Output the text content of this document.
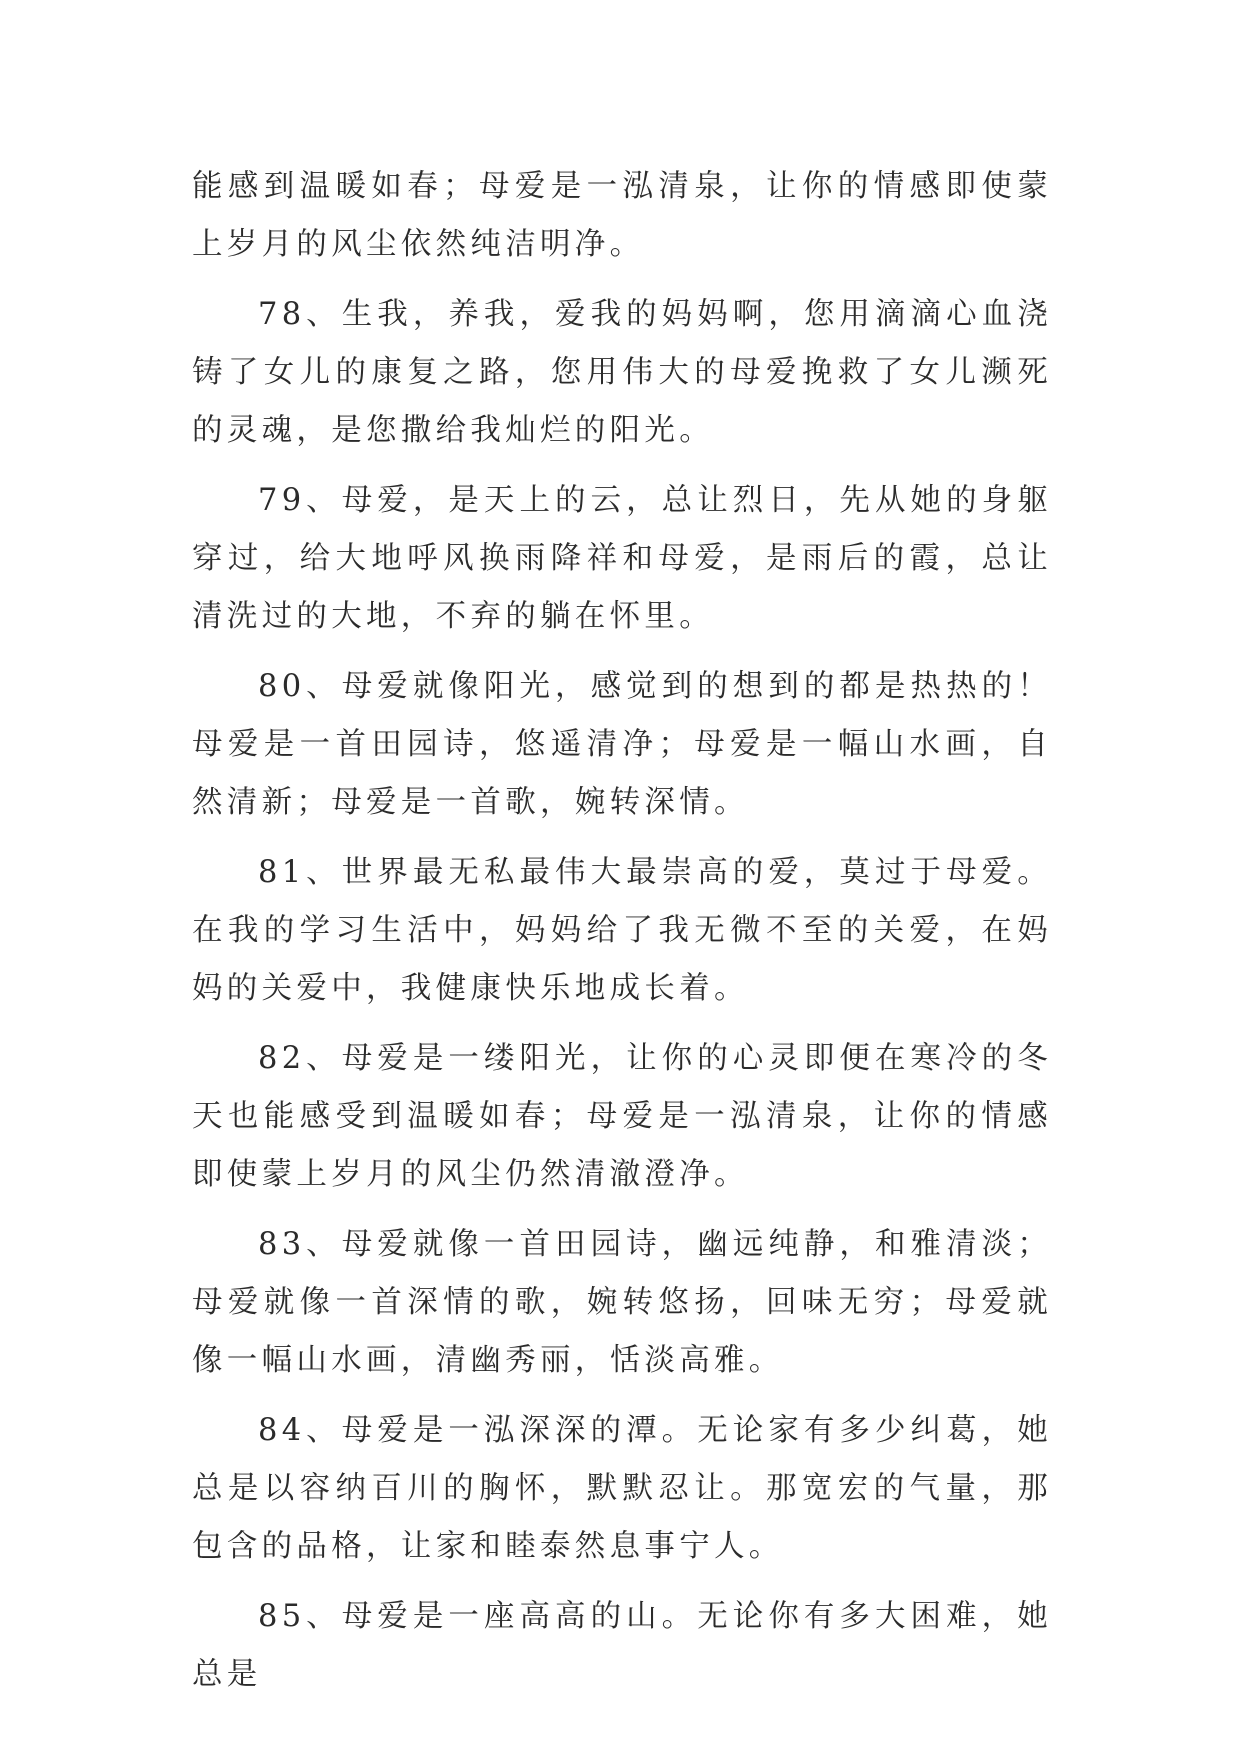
能感到温暖如春；母爱是一泓清泉，让你的情感即使蒙上岁月的风尘依然纯洁明净。

78、生我，养我，爱我的妈妈啊，您用滴滴心血浇铸了女儿的康复之路，您用伟大的母爱挽救了女儿濒死的灵魂，是您撒给我灿烂的阳光。

79、母爱，是天上的云，总让烈日，先从她的身躯穿过，给大地呼风换雨降祥和母爱，是雨后的霞，总让清洗过的大地，不弃的躺在怀里。

80、母爱就像阳光，感觉到的想到的都是热热的！母爱是一首田园诗，悠遥清净；母爱是一幅山水画，自然清新；母爱是一首歌，婉转深情。

81、世界最无私最伟大最崇高的爱，莫过于母爱。在我的学习生活中，妈妈给了我无微不至的关爱，在妈妈的关爱中，我健康快乐地成长着。

82、母爱是一缕阳光，让你的心灵即便在寒冷的冬天也能感受到温暖如春；母爱是一泓清泉，让你的情感即使蒙上岁月的风尘仍然清澈澄净。

83、母爱就像一首田园诗，幽远纯静，和雅清淡；母爱就像一首深情的歌，婉转悠扬，回味无穷；母爱就像一幅山水画，清幽秀丽，恬淡高雅。

84、母爱是一泓深深的潭。无论家有多少纠葛，她总是以容纳百川的胸怀，默默忍让。那宽宏的气量，那包含的品格，让家和睦泰然息事宁人。

85、母爱是一座高高的山。无论你有多大困难，她总是
